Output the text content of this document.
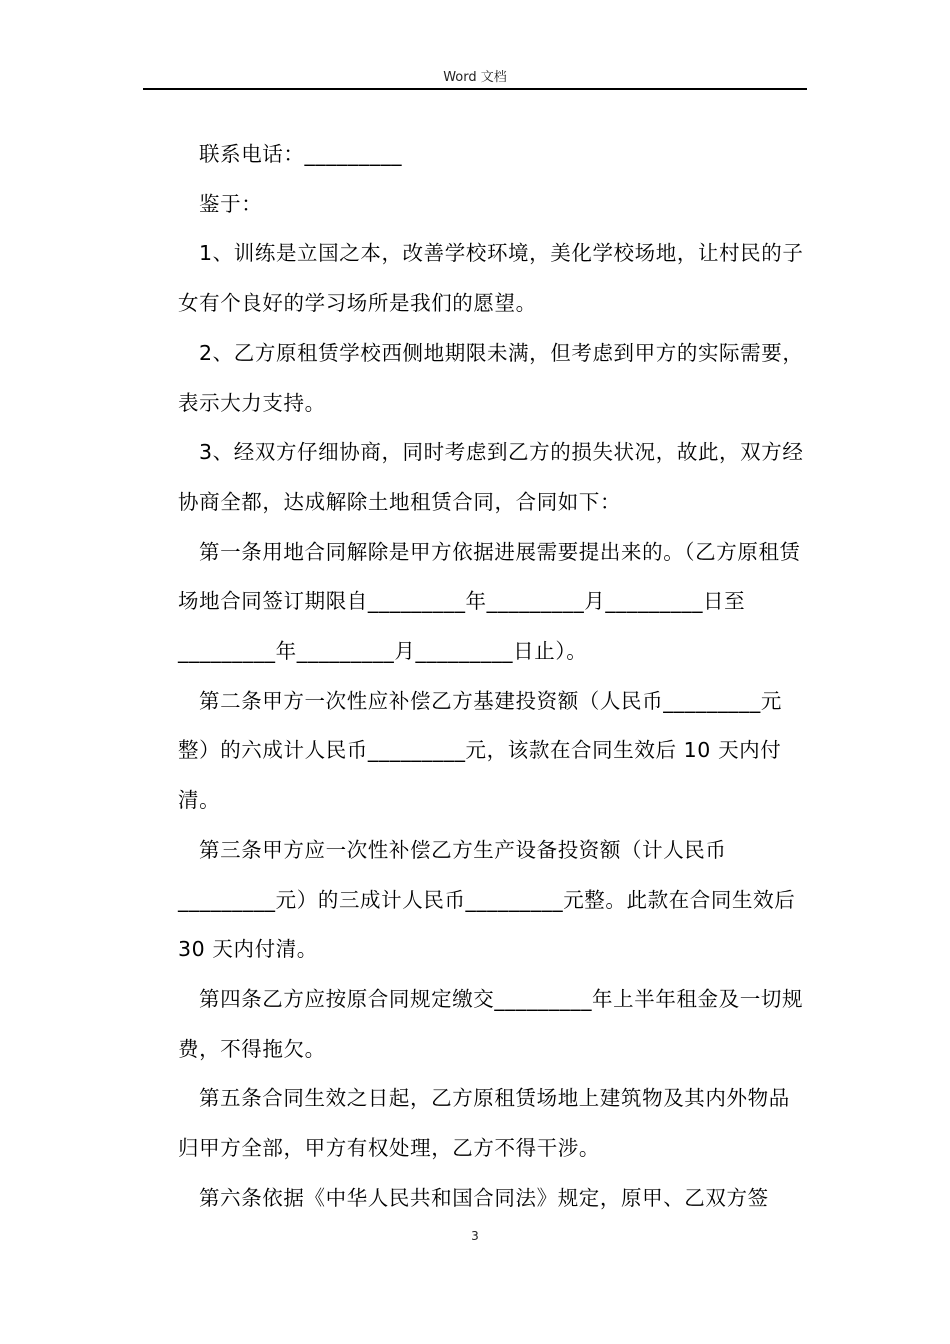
Word 文档

联系电话：_________

鉴于：

1、训练是立国之本，改善学校环境，美化学校场地，让村民的子女有个良好的学习场所是我们的愿望。

2、乙方原租赁学校西侧地期限未满，但考虑到甲方的实际需要，表示大力支持。

3、经双方仔细协商，同时考虑到乙方的损失状况，故此，双方经协商全都，达成解除土地租赁合同，合同如下：

第一条用地合同解除是甲方依据进展需要提出来的。（乙方原租赁场地合同签订期限自_________年_________月_________日至_________年_________月_________日止）。

第二条甲方一次性应补偿乙方基建投资额（人民币_________元整）的六成计人民币_________元，该款在合同生效后 10 天内付清。

第三条甲方应一次性补偿乙方生产设备投资额（计人民币_________元）的三成计人民币_________元整。此款在合同生效后 30 天内付清。

第四条乙方应按原合同规定缴交_________年上半年租金及一切规费，不得拖欠。

第五条合同生效之日起，乙方原租赁场地上建筑物及其内外物品归甲方全部，甲方有权处理，乙方不得干涉。

第六条依据《中华人民共和国合同法》规定，原甲、乙双方签

3
